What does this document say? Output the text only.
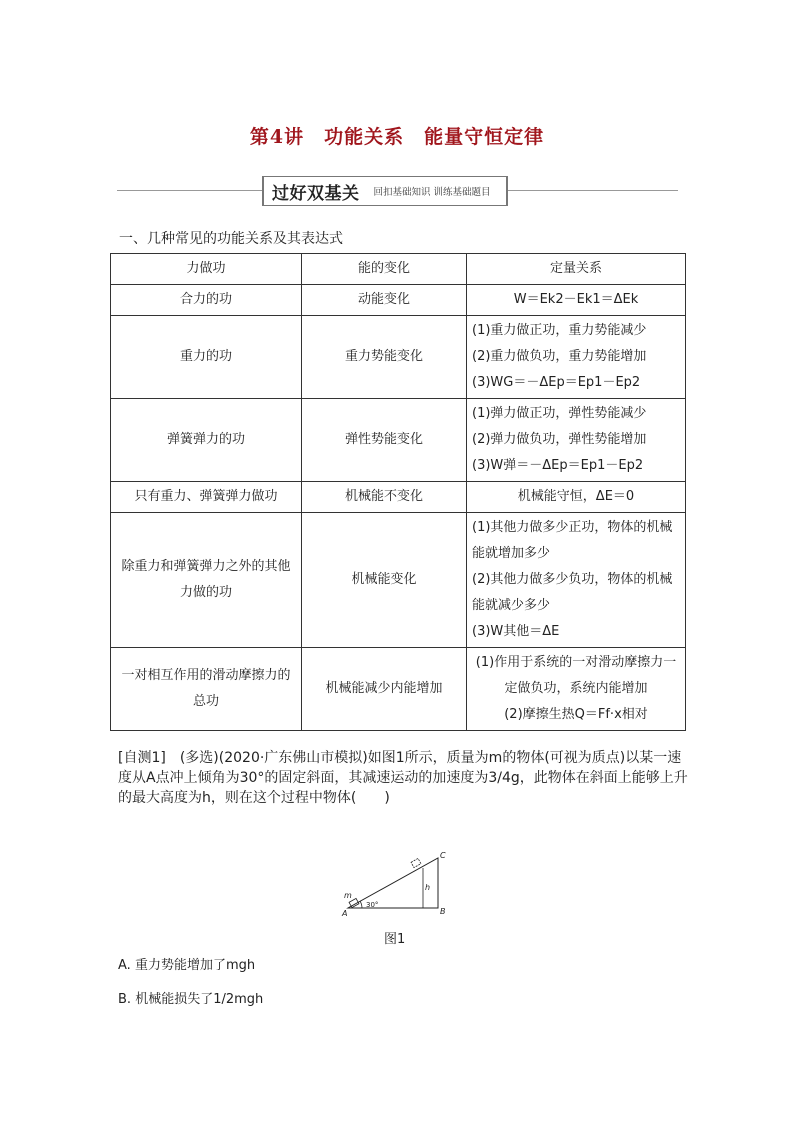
第4讲　功能关系　能量守恒定律
过好双基关 回扣基础知识 训练基础题目
一、几种常见的功能关系及其表达式
力做功	能的变化	定量关系
合力的功	动能变化	W＝Ek2－Ek1＝ΔEk
重力的功	重力势能变化	(1)重力做正功，重力势能减少
(2)重力做负功，重力势能增加
(3)WG＝－ΔEp＝Ep1－Ep2

弹簧弹力的功	弹性势能变化	(1)弹力做正功，弹性势能减少
(2)弹力做负功，弹性势能增加
(3)W弹＝－ΔEp＝Ep1－Ep2

只有重力、弹簧弹力做功	机械能不变化	机械能守恒，ΔE＝0
除重力和弹簧弹力之外的其他力做的功	机械能变化	(1)其他力做多少正功，物体的机械能就增加多少
(2)其他力做多少负功，物体的机械能就减少多少
(3)W其他＝ΔE

一对相互作用的滑动摩擦力的总功	机械能减少内能增加	(1)作用于系统的一对滑动摩擦力一定做负功，系统内能增加
(2)摩擦生热Q＝Ff·x相对
[自测1]　 (多选)(2020·广东佛山市模拟)如图1所示，质量为m的物体(可视为质点)以某一速度从A点冲上倾角为30°的固定斜面，其减速运动的加速度为3/4g，此物体在斜面上能够上升的最大高度为h，则在这个过程中物体(　　)
m
A	B
C
h
30°
图1
A. 重力势能增加了mgh
B. 机械能损失了1/2mgh
